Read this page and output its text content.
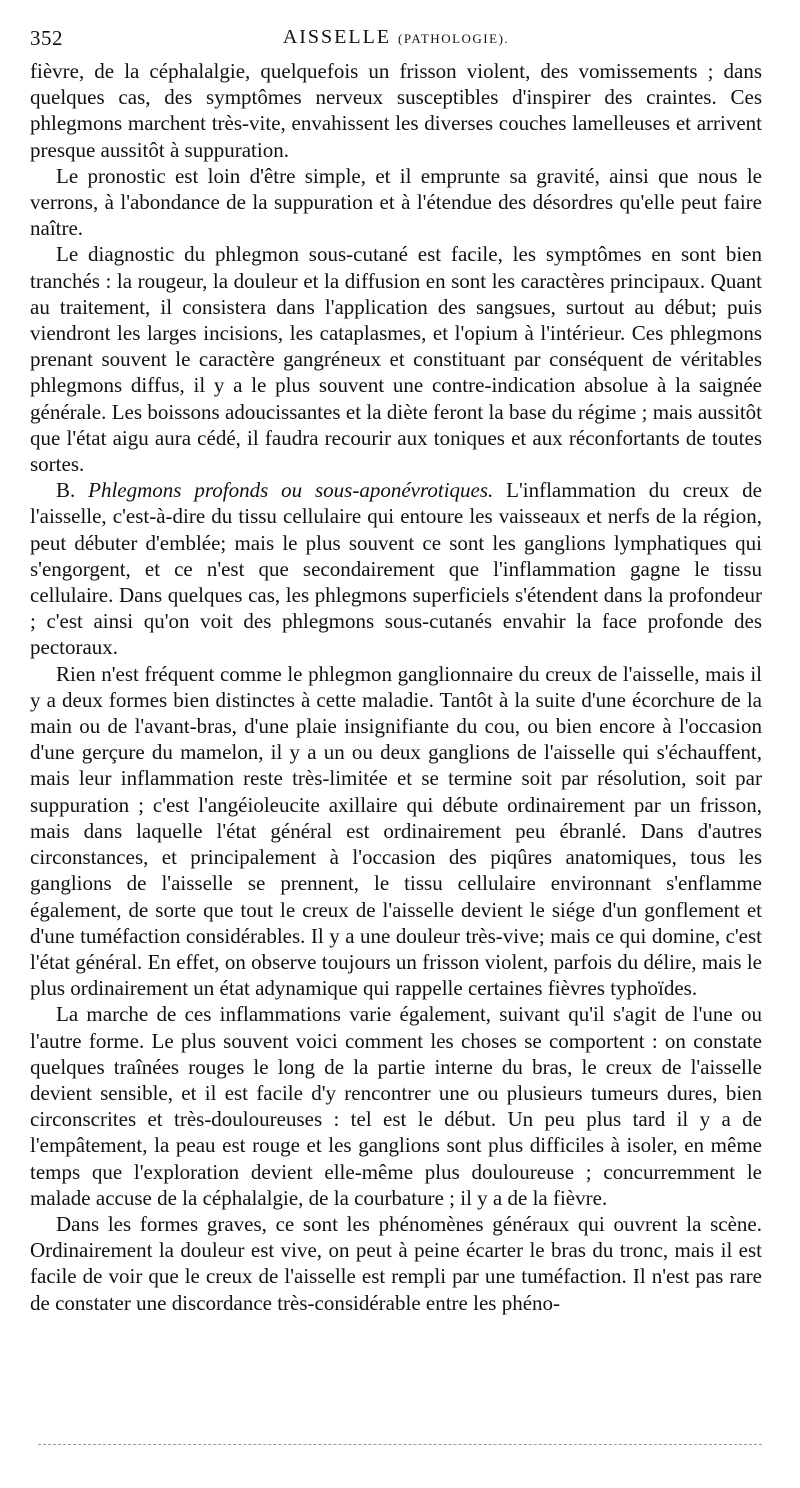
352	AISSELLE (PATHOLOGIE).

fièvre, de la céphalalgie, quelquefois un frisson violent, des vomissements ; dans quelques cas, des symptômes nerveux susceptibles d'inspirer des craintes. Ces phlegmons marchent très-vite, envahissent les diverses couches lamelleuses et arrivent presque aussitôt à suppuration.

Le pronostic est loin d'être simple, et il emprunte sa gravité, ainsi que nous le verrons, à l'abondance de la suppuration et à l'étendue des désordres qu'elle peut faire naître.

Le diagnostic du phlegmon sous-cutané est facile, les symptômes en sont bien tranchés : la rougeur, la douleur et la diffusion en sont les caractères principaux. Quant au traitement, il consistera dans l'application des sangsues, surtout au début; puis viendront les larges incisions, les cataplasmes, et l'opium à l'intérieur. Ces phlegmons prenant souvent le caractère gangréneux et constituant par conséquent de véritables phlegmons diffus, il y a le plus souvent une contre-indication absolue à la saignée générale. Les boissons adoucissantes et la diète feront la base du régime ; mais aussitôt que l'état aigu aura cédé, il faudra recourir aux toniques et aux réconfortants de toutes sortes.

B. Phlegmons profonds ou sous-aponévrotiques. L'inflammation du creux de l'aisselle, c'est-à-dire du tissu cellulaire qui entoure les vaisseaux et nerfs de la région, peut débuter d'emblée; mais le plus souvent ce sont les ganglions lymphatiques qui s'engorgent, et ce n'est que secondairement que l'inflammation gagne le tissu cellulaire. Dans quelques cas, les phlegmons superficiels s'étendent dans la profondeur ; c'est ainsi qu'on voit des phlegmons sous-cutanés envahir la face profonde des pectoraux.

Rien n'est fréquent comme le phlegmon ganglionnaire du creux de l'aisselle, mais il y a deux formes bien distinctes à cette maladie. Tantôt à la suite d'une écorchure de la main ou de l'avant-bras, d'une plaie insignifiante du cou, ou bien encore à l'occasion d'une gerçure du mamelon, il y a un ou deux ganglions de l'aisselle qui s'échauffent, mais leur inflammation reste très-limitée et se termine soit par résolution, soit par suppuration ; c'est l'angéioleucite axillaire qui débute ordinairement par un frisson, mais dans laquelle l'état général est ordinairement peu ébranlé. Dans d'autres circonstances, et principalement à l'occasion des piqûres anatomiques, tous les ganglions de l'aisselle se prennent, le tissu cellulaire environnant s'enflamme également, de sorte que tout le creux de l'aisselle devient le siége d'un gonflement et d'une tuméfaction considérables. Il y a une douleur très-vive; mais ce qui domine, c'est l'état général. En effet, on observe toujours un frisson violent, parfois du délire, mais le plus ordinairement un état adynamique qui rappelle certaines fièvres typhoïdes.

La marche de ces inflammations varie également, suivant qu'il s'agit de l'une ou l'autre forme. Le plus souvent voici comment les choses se comportent : on constate quelques traînées rouges le long de la partie interne du bras, le creux de l'aisselle devient sensible, et il est facile d'y rencontrer une ou plusieurs tumeurs dures, bien circonscrites et très-douloureuses : tel est le début. Un peu plus tard il y a de l'empâtement, la peau est rouge et les ganglions sont plus difficiles à isoler, en même temps que l'exploration devient elle-même plus douloureuse ; concurremment le malade accuse de la céphalalgie, de la courbature ; il y a de la fièvre.

Dans les formes graves, ce sont les phénomènes généraux qui ouvrent la scène. Ordinairement la douleur est vive, on peut à peine écarter le bras du tronc, mais il est facile de voir que le creux de l'aisselle est rempli par une tuméfaction. Il n'est pas rare de constater une discordance très-considérable entre les phéno-
